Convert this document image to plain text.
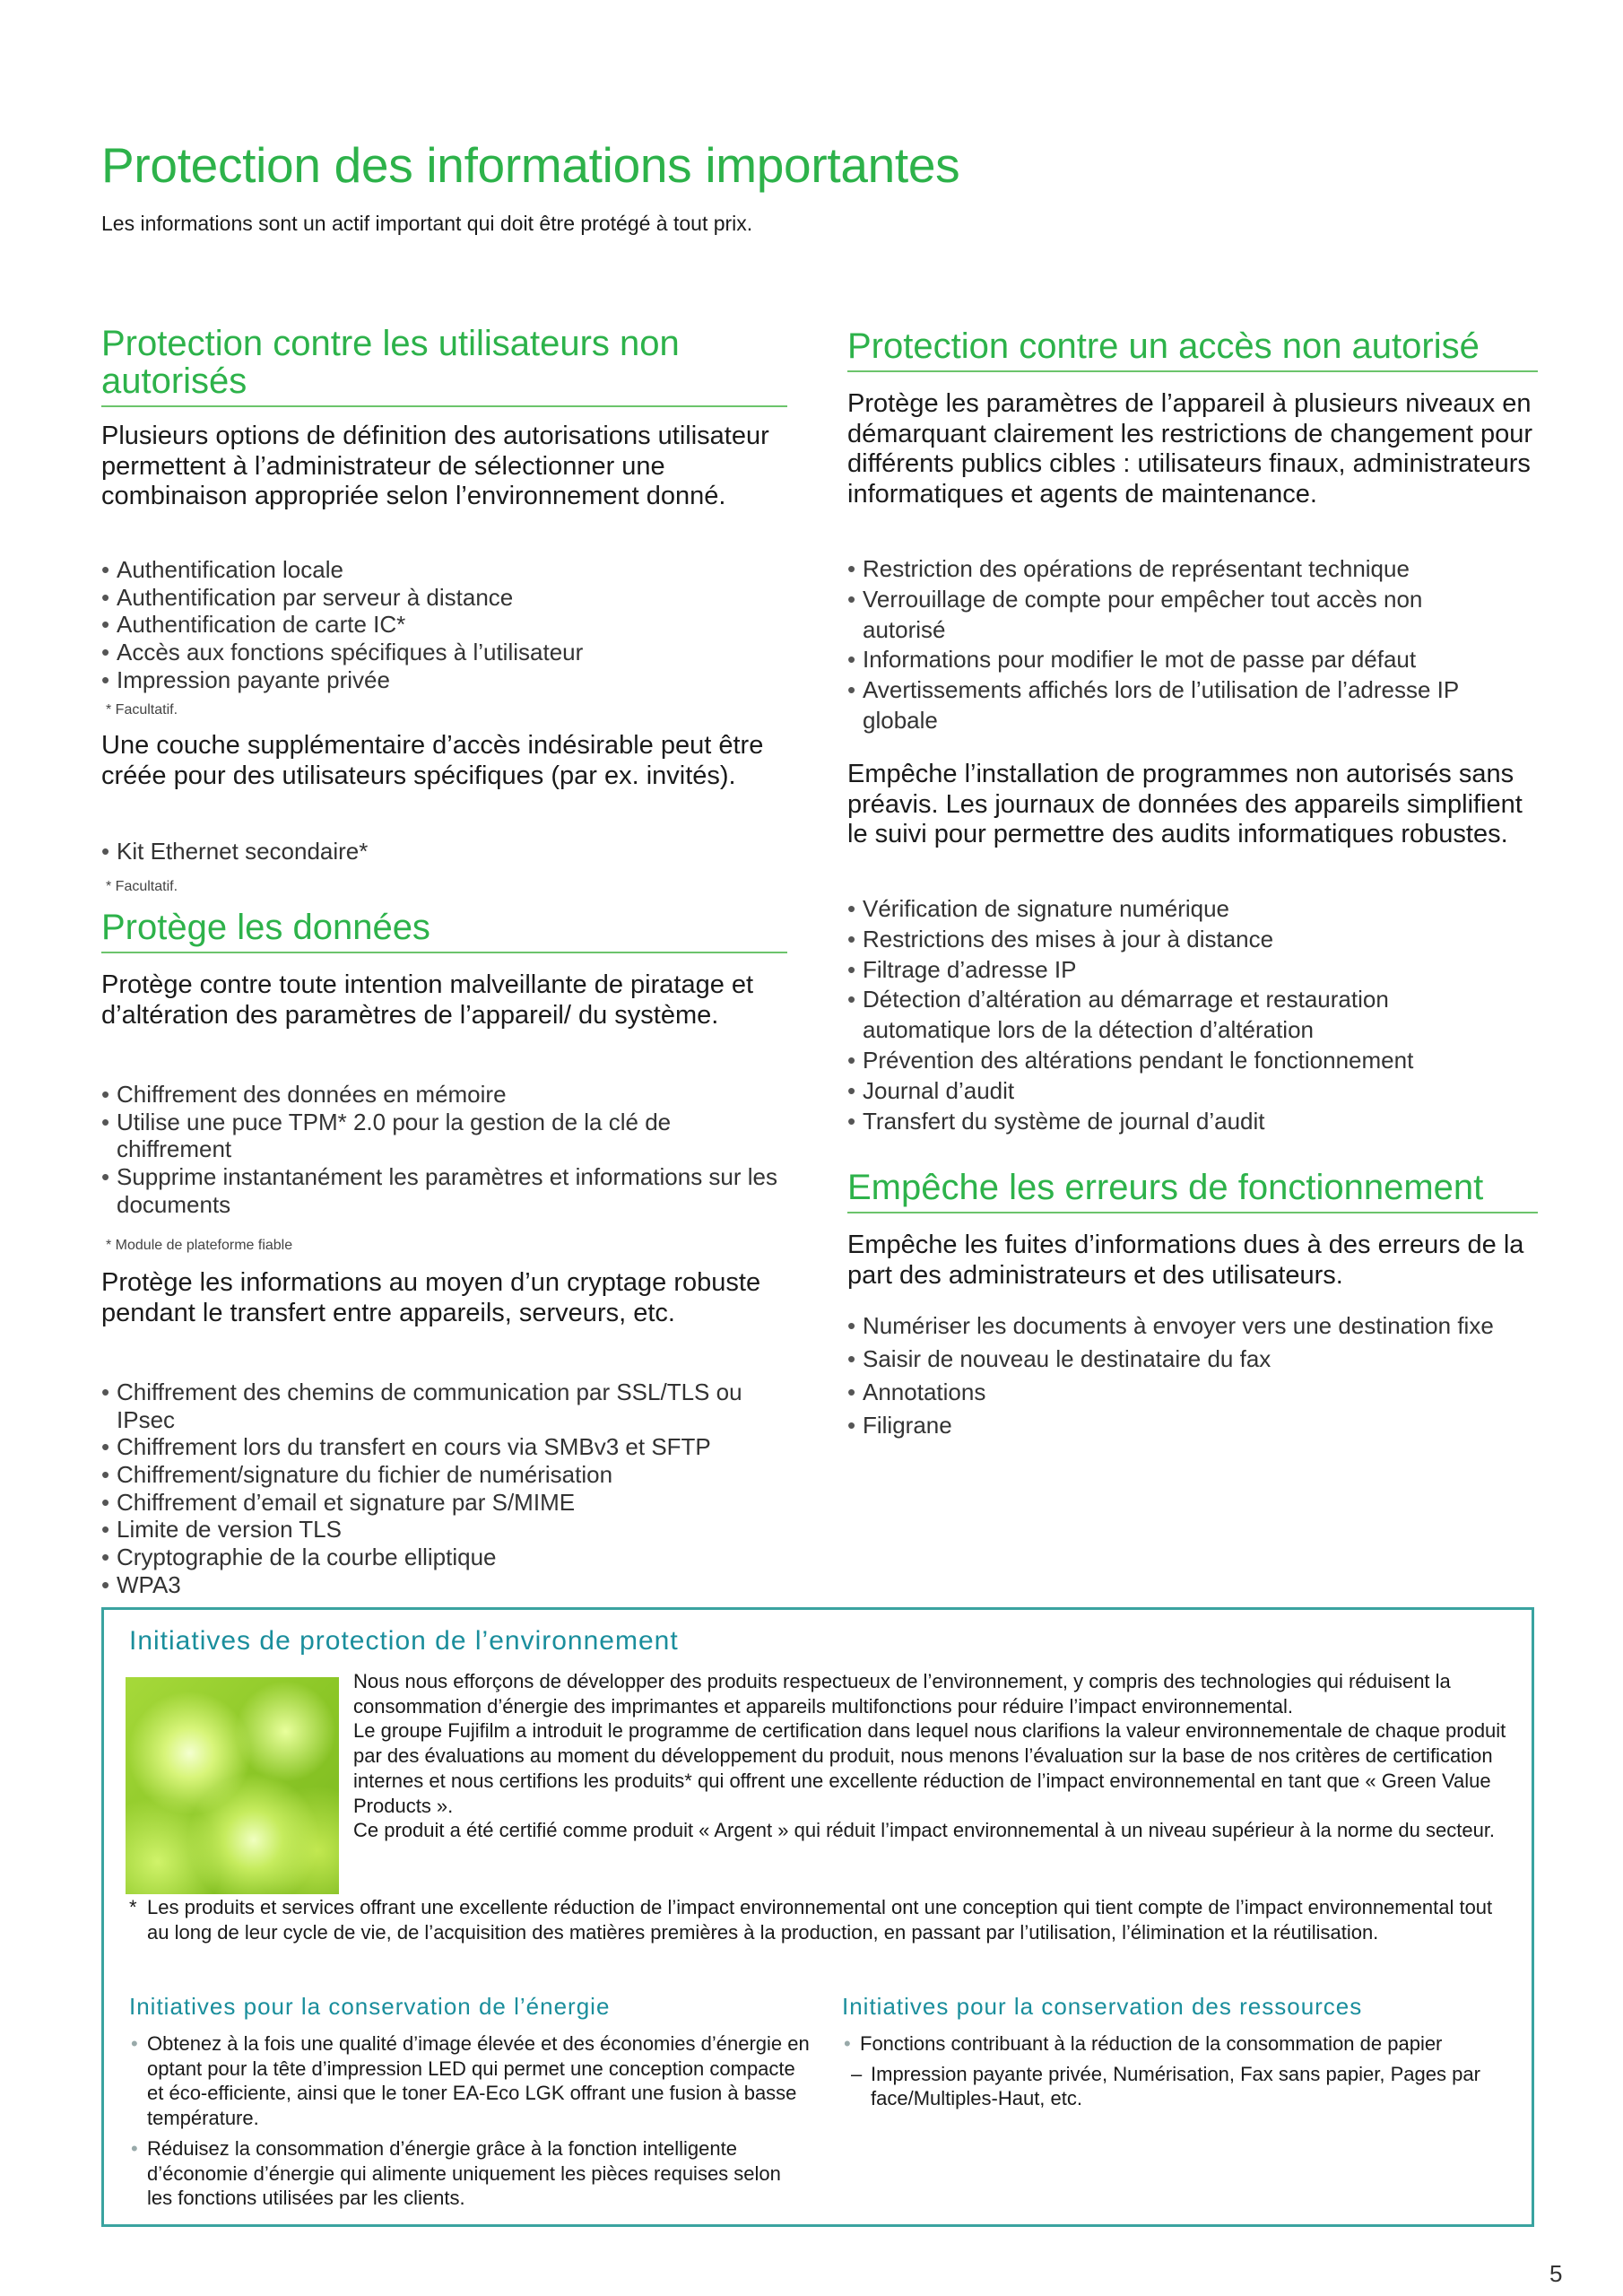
Protection des informations importantes

Les informations sont un actif important qui doit être protégé à tout prix.

Protection contre les utilisateurs non autorisés

Plusieurs options de définition des autorisations utilisateur permettent à l’administrateur de sélectionner une combinaison appropriée selon l’environnement donné.

• Authentification locale
• Authentification par serveur à distance
• Authentification de carte IC*
• Accès aux fonctions spécifiques à l’utilisateur
• Impression payante privée

* Facultatif.

Une couche supplémentaire d’accès indésirable peut être créée pour des utilisateurs spécifiques (par ex. invités).

• Kit Ethernet secondaire*

* Facultatif.

Protège les données

Protège contre toute intention malveillante de piratage et d’altération des paramètres de l’appareil/ du système.

• Chiffrement des données en mémoire
• Utilise une puce TPM* 2.0 pour la gestion de la clé de chiffrement
• Supprime instantanément les paramètres et informations sur les documents

* Module de plateforme fiable

Protège les informations au moyen d’un cryptage robuste pendant le transfert entre appareils, serveurs, etc.

• Chiffrement des chemins de communication par SSL/TLS ou IPsec
• Chiffrement lors du transfert en cours via SMBv3 et SFTP
• Chiffrement/signature du fichier de numérisation
• Chiffrement d’email et signature par S/MIME
• Limite de version TLS
• Cryptographie de la courbe elliptique
• WPA3
Protection contre un accès non autorisé

Protège les paramètres de l’appareil à plusieurs niveaux en démarquant clairement les restrictions de changement pour différents publics cibles : utilisateurs finaux, administrateurs informatiques et agents de maintenance.

• Restriction des opérations de représentant technique
• Verrouillage de compte pour empêcher tout accès non autorisé
• Informations pour modifier le mot de passe par défaut
• Avertissements affichés lors de l’utilisation de l’adresse IP globale

Empêche l’installation de programmes non autorisés sans préavis. Les journaux de données des appareils simplifient le suivi pour permettre des audits informatiques robustes.

• Vérification de signature numérique
• Restrictions des mises à jour à distance
• Filtrage d’adresse IP
• Détection d’altération au démarrage et restauration automatique lors de la détection d’altération
• Prévention des altérations pendant le fonctionnement
• Journal d’audit
• Transfert du système de journal d’audit
Empêche les erreurs de fonctionnement

Empêche les fuites d’informations dues à des erreurs de la part des administrateurs et des utilisateurs.

• Numériser les documents à envoyer vers une destination fixe
• Saisir de nouveau le destinataire du fax
• Annotations
• Filigrane
Initiatives de protection de l’environnement

Nous nous efforçons de développer des produits respectueux de l’environnement, y compris des technologies qui réduisent la consommation d’énergie des imprimantes et appareils multifonctions pour réduire l’impact environnemental.

Le groupe Fujifilm a introduit le programme de certification dans lequel nous clarifions la valeur environnementale de chaque produit par des évaluations au moment du développement du produit, nous menons l’évaluation sur la base de nos critères de certification internes et nous certifions les produits* qui offrent une excellente réduction de l’impact environnemental en tant que « Green Value Products ».

Ce produit a été certifié comme produit « Argent » qui réduit l’impact environnemental à un niveau supérieur à la norme du secteur.

* Les produits et services offrant une excellente réduction de l’impact environnemental ont une conception qui tient compte de l’impact environnemental tout au long de leur cycle de vie, de l’acquisition des matières premières à la production, en passant par l’utilisation, l’élimination et la réutilisation.
Initiatives pour la conservation de l’énergie
• Obtenez à la fois une qualité d’image élevée et des économies d’énergie en optant pour la tête d’impression LED qui permet une conception compacte et éco-efficiente, ainsi que le toner EA-Eco LGK offrant une fusion à basse température.
• Réduisez la consommation d’énergie grâce à la fonction intelligente d’économie d’énergie qui alimente uniquement les pièces requises selon les fonctions utilisées par les clients.
Initiatives pour la conservation des ressources
• Fonctions contribuant à la réduction de la consommation de papier
– Impression payante privée, Numérisation, Fax sans papier, Pages par face/Multiples-Haut, etc.
5
